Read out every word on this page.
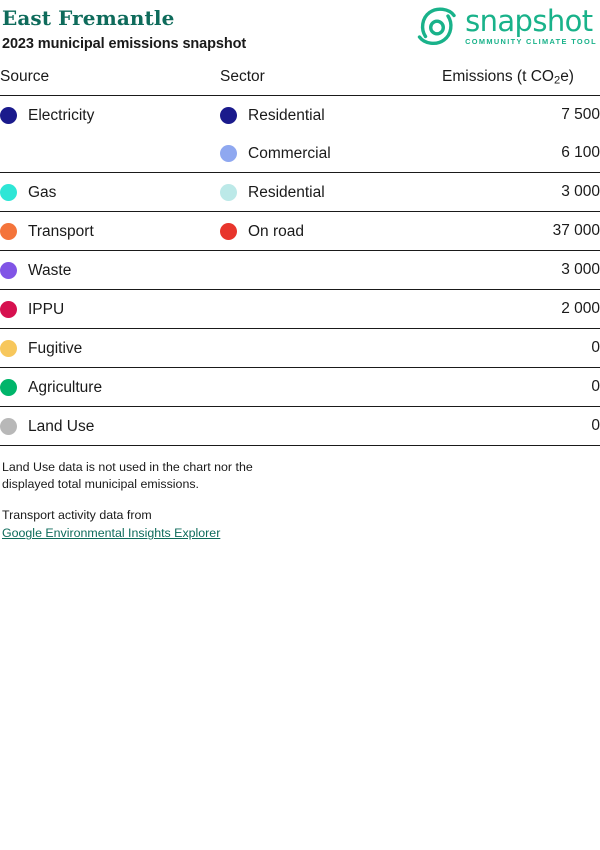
East Fremantle
2023 municipal emissions snapshot
snapshot
COMMUNITY CLIMATE TOOL
Source	Sector	Emissions (t $CO_2e$)

Electricity	Residential	7 500

	Commercial	6 100

Gas	Residential	3 000

Transport	On road	37 000

Waste		3 000

IPPU		2 000

Fugitive		0

Agriculture		0

Land Use		0
Land Use data is not used in the chart nor the
displayed total municipal emissions.
Transport activity data from
Google Environmental Insights Explorer
